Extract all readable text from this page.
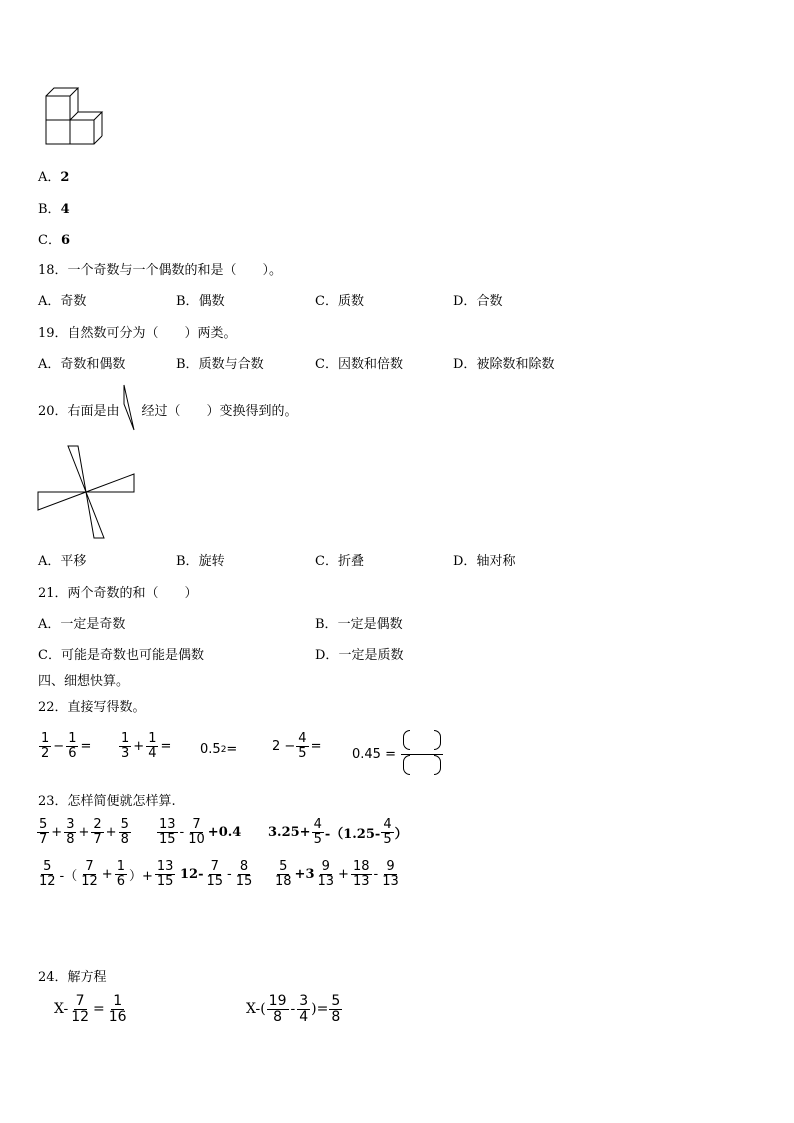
A．2
B．4
C．6
18．一个奇数与一个偶数的和是（　　）。
A．奇数	B．偶数	C．质数	D．合数
19．自然数可分为（　　）两类。
A．奇数和偶数	B．质数与合数	C．因数和倍数	D．被除数和除数
20．右面是由 经过（　　）变换得到的。
A．平移	B．旋转	C．折叠	D．轴对称
21．两个奇数的和（　　）
A．一定是奇数	B．一定是偶数
C．可能是奇数也可能是偶数	D．一定是质数
四、细想快算。
22．直接写得数。
$\frac{1}{2} - \frac{1}{6} = \frac{1}{3} + \frac{1}{4} = 0.5$ 2 =	$2 - \frac{4}{5}$ =
0.45 =
23．怎样简便就怎样算.
$\frac{5}{7} + \frac{3}{8} + \frac{2}{7} + \frac{5}{8} \frac{13}{15} - \frac{7}{10} +0.4$ $3.25+ \frac{4}{5} -(1.25- \frac{4}{5}$ ）
$\frac{5}{12}$ -（ $\frac{7}{12} + \frac{1}{6}$ ）+ $\frac{13}{15} 12- \frac{7}{15} - \frac{8}{15} \frac{5}{18} +3 \frac{9}{13} + \frac{18}{13} - \frac{9}{13}$
24．解方程
$X- \frac{7}{12} = \frac{1}{16}$	$X-( \frac{19}{8} - \frac{3}{4}$ )= $\frac{5}{8}$
